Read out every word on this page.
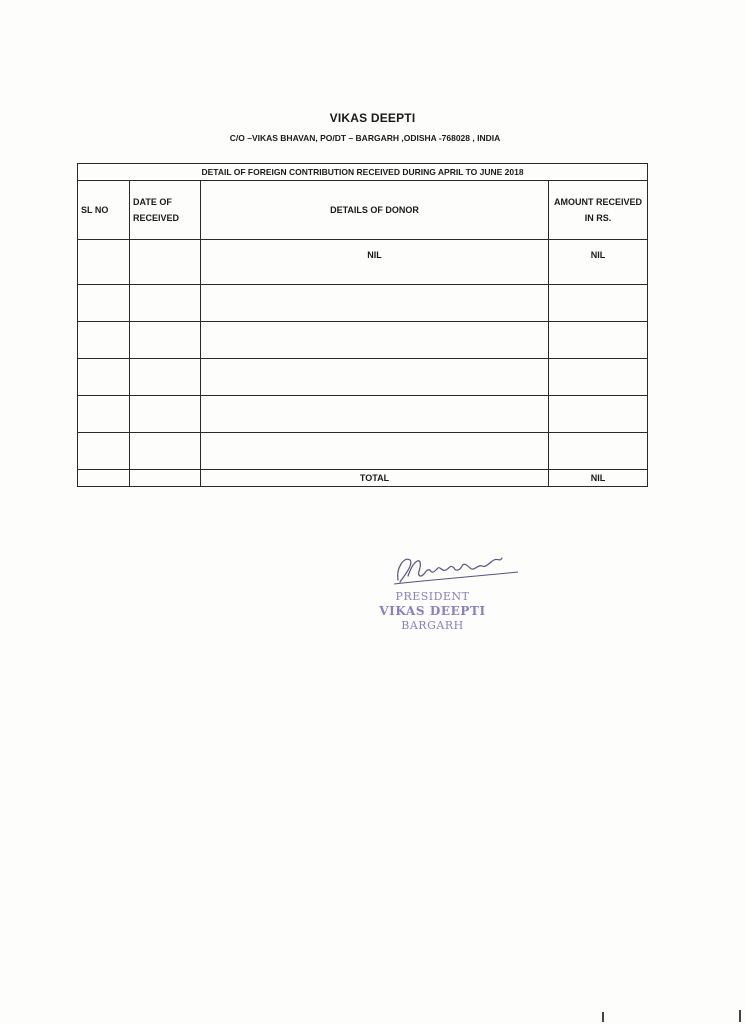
VIKAS DEEPTI
C/O –VIKAS BHAVAN, PO/DT – BARGARH ,ODISHA -768028 , INDIA
DETAIL OF FOREIGN CONTRIBUTION RECEIVED DURING APRIL TO JUNE 2018			
SL NO	DATE OF RECEIVED	DETAILS OF DONOR	AMOUNT RECEIVED IN RS.
		NIL	NIL

		TOTAL	NIL
PRESIDENT
VIKAS DEEPTI
BARGARH
